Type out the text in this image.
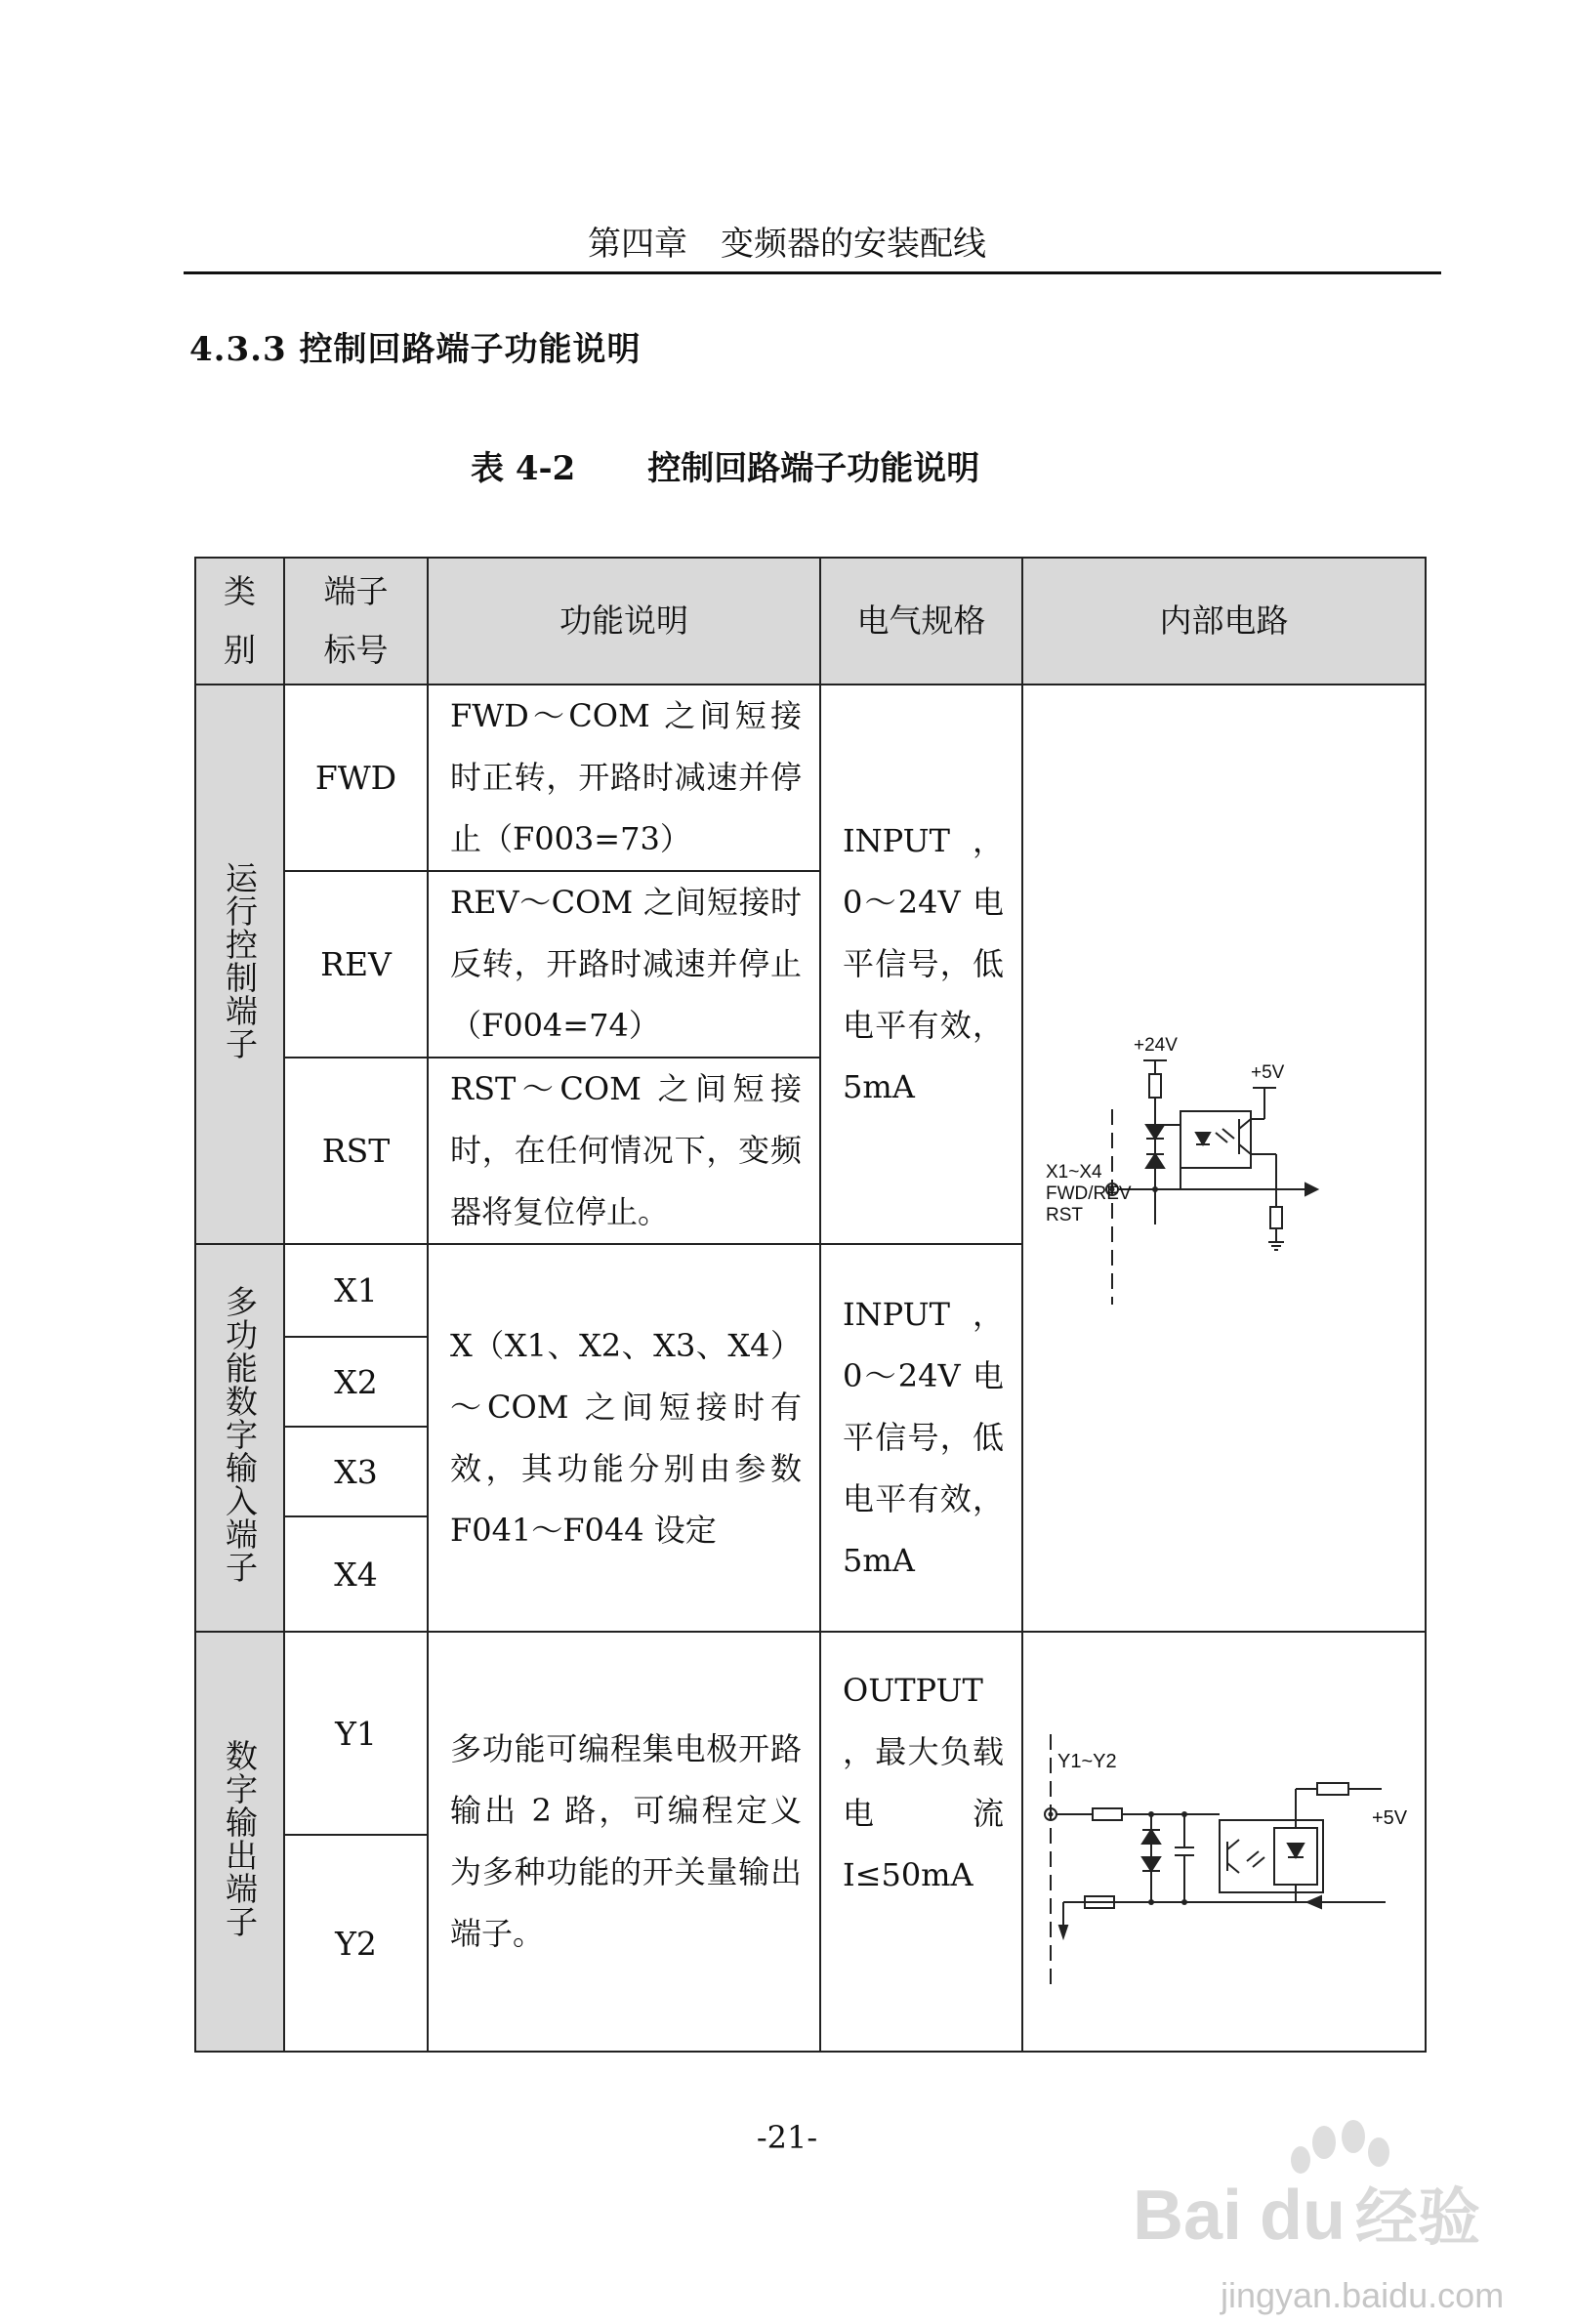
第四章　变频器的安装配线
4.3.3 控制回路端子功能说明
表 4-2 控制回路端子功能说明
类别	端子标号	功能说明	电气规格	内部电路
运行控制端子	FWD	FWD～COM 之间短接时正转，开路时减速并停止（F003=73）	INPUT ，0～24V 电平信号，低电平有效，5mA	+24V
+5V
X1~X4
FWD/REV
RST

	REV	REV～COM 之间短接时反转，开路时减速并停止（F004=74）		
	RST	RST～COM 之间短接时，在任何情况下，变频器将复位停止。		
多功能数字输入端子	X1	X（X1、X2、X3、X4）～COM 之间短接时有效，其功能分别由参数 F041～F044 设定	INPUT ，0～24V 电平信号，低电平有效，5mA	
	X2			
	X3			
	X4			
数字输出端子	Y1	多功能可编程集电极开路输出 2 路，可编程定义为多种功能的开关量输出端子。	OUTPUT ，最大负载电流 I≤50mA	Y1~Y2
+5V

	Y2			
-21-
Bai du 经验
jingyan.baidu.com
